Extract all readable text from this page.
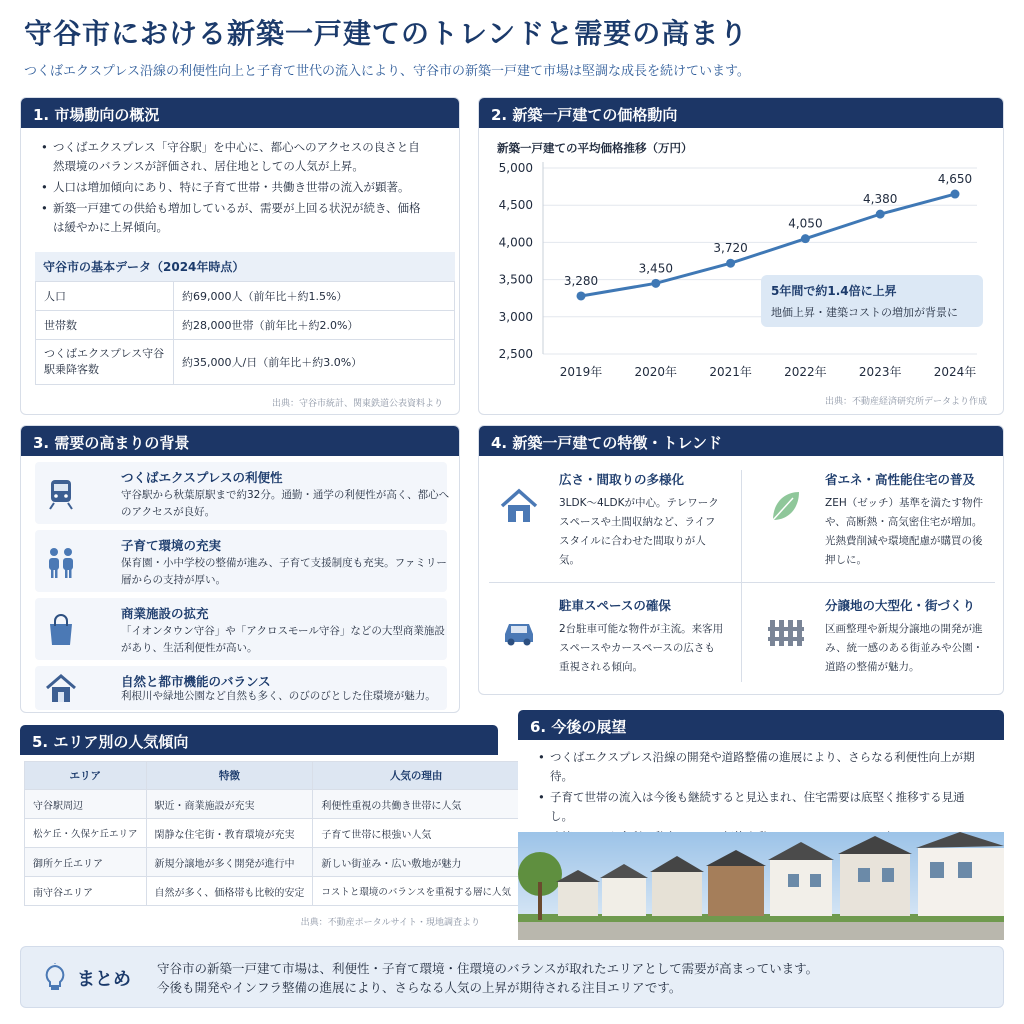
守谷市における新築一戸建てのトレンドと需要の高まり
つくばエクスプレス沿線の利便性向上と子育て世代の流入により、守谷市の新築一戸建て市場は堅調な成長を続けています。
1. 市場動向の概況
• つくばエクスプレス「守谷駅」を中心に、都心へのアクセスの良さと自然環境のバランスが評価され、居住地としての人気が上昇。
• 人口は増加傾向にあり、特に子育て世帯・共働き世帯の流入が顕著。
• 新築一戸建ての供給も増加しているが、需要が上回る状況が続き、価格は緩やかに上昇傾向。
守谷市の基本データ（2024年時点）
人口	約69,000人（前年比＋約1.5%）
世帯数	約28,000世帯（前年比＋約2.0%）
つくばエクスプレス守谷駅乗降客数	約35,000人/日（前年比＋約3.0%）
出典：守谷市統計、関東鉄道公表資料より
2. 新築一戸建ての価格動向
新築一戸建ての平均価格推移（万円）
2,500
3,000
3,500
4,000
4,500
5,000
2019年	2020年	2021年	2022年	2023年	2024年
3,280
3,450
3,720
4,050
4,380
4,650
5年間で約1.4倍に上昇
地価上昇・建築コストの増加が背景に
出典：不動産経済研究所データより作成
3. 需要の高まりの背景
つくばエクスプレスの利便性
守谷駅から秋葉原駅まで約32分。通勤・通学の利便性が高く、都心へのアクセスが良好。
子育て環境の充実
保育園・小中学校の整備が進み、子育て支援制度も充実。ファミリー層からの支持が厚い。
商業施設の拡充
「イオンタウン守谷」や「アクロスモール守谷」などの大型商業施設があり、生活利便性が高い。
自然と都市機能のバランス
利根川や緑地公園など自然も多く、のびのびとした住環境が魅力。
4. 新築一戸建ての特徴・トレンド
広さ・間取りの多様化
3LDK〜4LDKが中心。テレワークスペースや土間収納など、ライフスタイルに合わせた間取りが人気。
省エネ・高性能住宅の普及
ZEH（ゼッチ）基準を満たす物件や、高断熱・高気密住宅が増加。光熱費削減や環境配慮が購買の後押しに。
駐車スペースの確保
2台駐車可能な物件が主流。来客用スペースやカースペースの広さも重視される傾向。
分譲地の大型化・街づくり
区画整理や新規分譲地の開発が進み、統一感のある街並みや公園・道路の整備が魅力。
5. エリア別の人気傾向
エリア	特徴	人気の理由
守谷駅周辺	駅近・商業施設が充実	利便性重視の共働き世帯に人気
松ケ丘・久保ケ丘エリア	閑静な住宅街・教育環境が充実	子育て世帯に根強い人気
御所ケ丘エリア	新規分譲地が多く開発が進行中	新しい街並み・広い敷地が魅力
南守谷エリア	自然が多く、価格帯も比較的安定	コストと環境のバランスを重視する層に人気
出典：不動産ポータルサイト・現地調査より
6. 今後の展望
• つくばエクスプレス沿線の開発や道路整備の進展により、さらなる利便性向上が期待。
• 子育て世帯の流入は今後も継続すると見込まれ、住宅需要は底堅く推移する見通し。
•
まとめ
守谷市の新築一戸建て市場は、利便性・子育て環境・住環境のバランスが取れたエリアとして需要が高まっています。
今後も開発やインフラ整備の進展により、さらなる人気の上昇が期待される注目エリアです。
